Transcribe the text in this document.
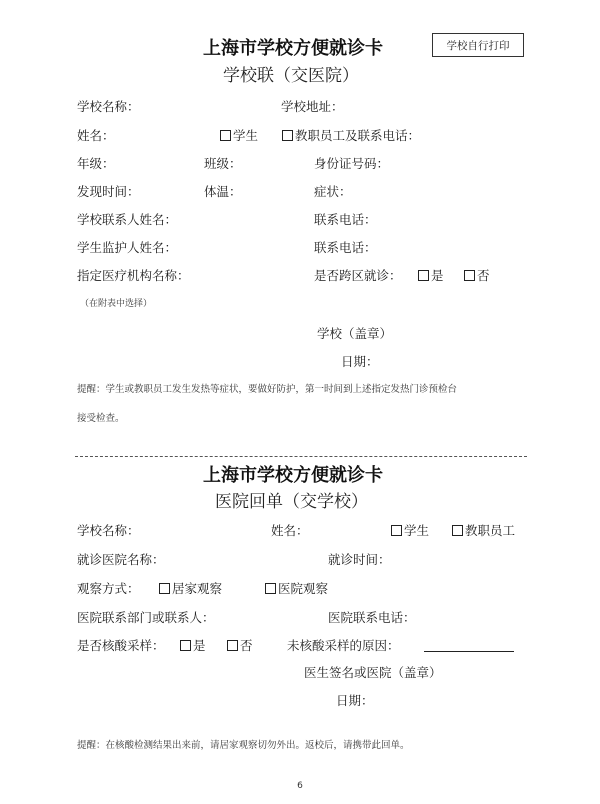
上海市学校方便就诊卡	学校自行打印
学校联（交医院）
学校名称：	学校地址：
姓名：	学生	教职员工及联系电话：
年级：	班级：	身份证号码：
发现时间：	体温：	症状：
学校联系人姓名：	联系电话：
学生监护人姓名：	联系电话：
指定医疗机构名称：	是否跨区就诊：	是	否
（在附表中选择）
学校（盖章）
日期：
提醒：学生或教职员工发生发热等症状，要做好防护，第一时间到上述指定发热门诊预检台
接受检查。
上海市学校方便就诊卡
医院回单（交学校）
学校名称：	姓名：	学生	教职员工
就诊医院名称：	就诊时间：
观察方式：	居家观察	医院观察
医院联系部门或联系人：	医院联系电话：
是否核酸采样：	是	否	未核酸采样的原因：
医生签名或医院（盖章）
日期：
提醒：在核酸检测结果出来前，请居家观察切勿外出。返校后，请携带此回单。
6
